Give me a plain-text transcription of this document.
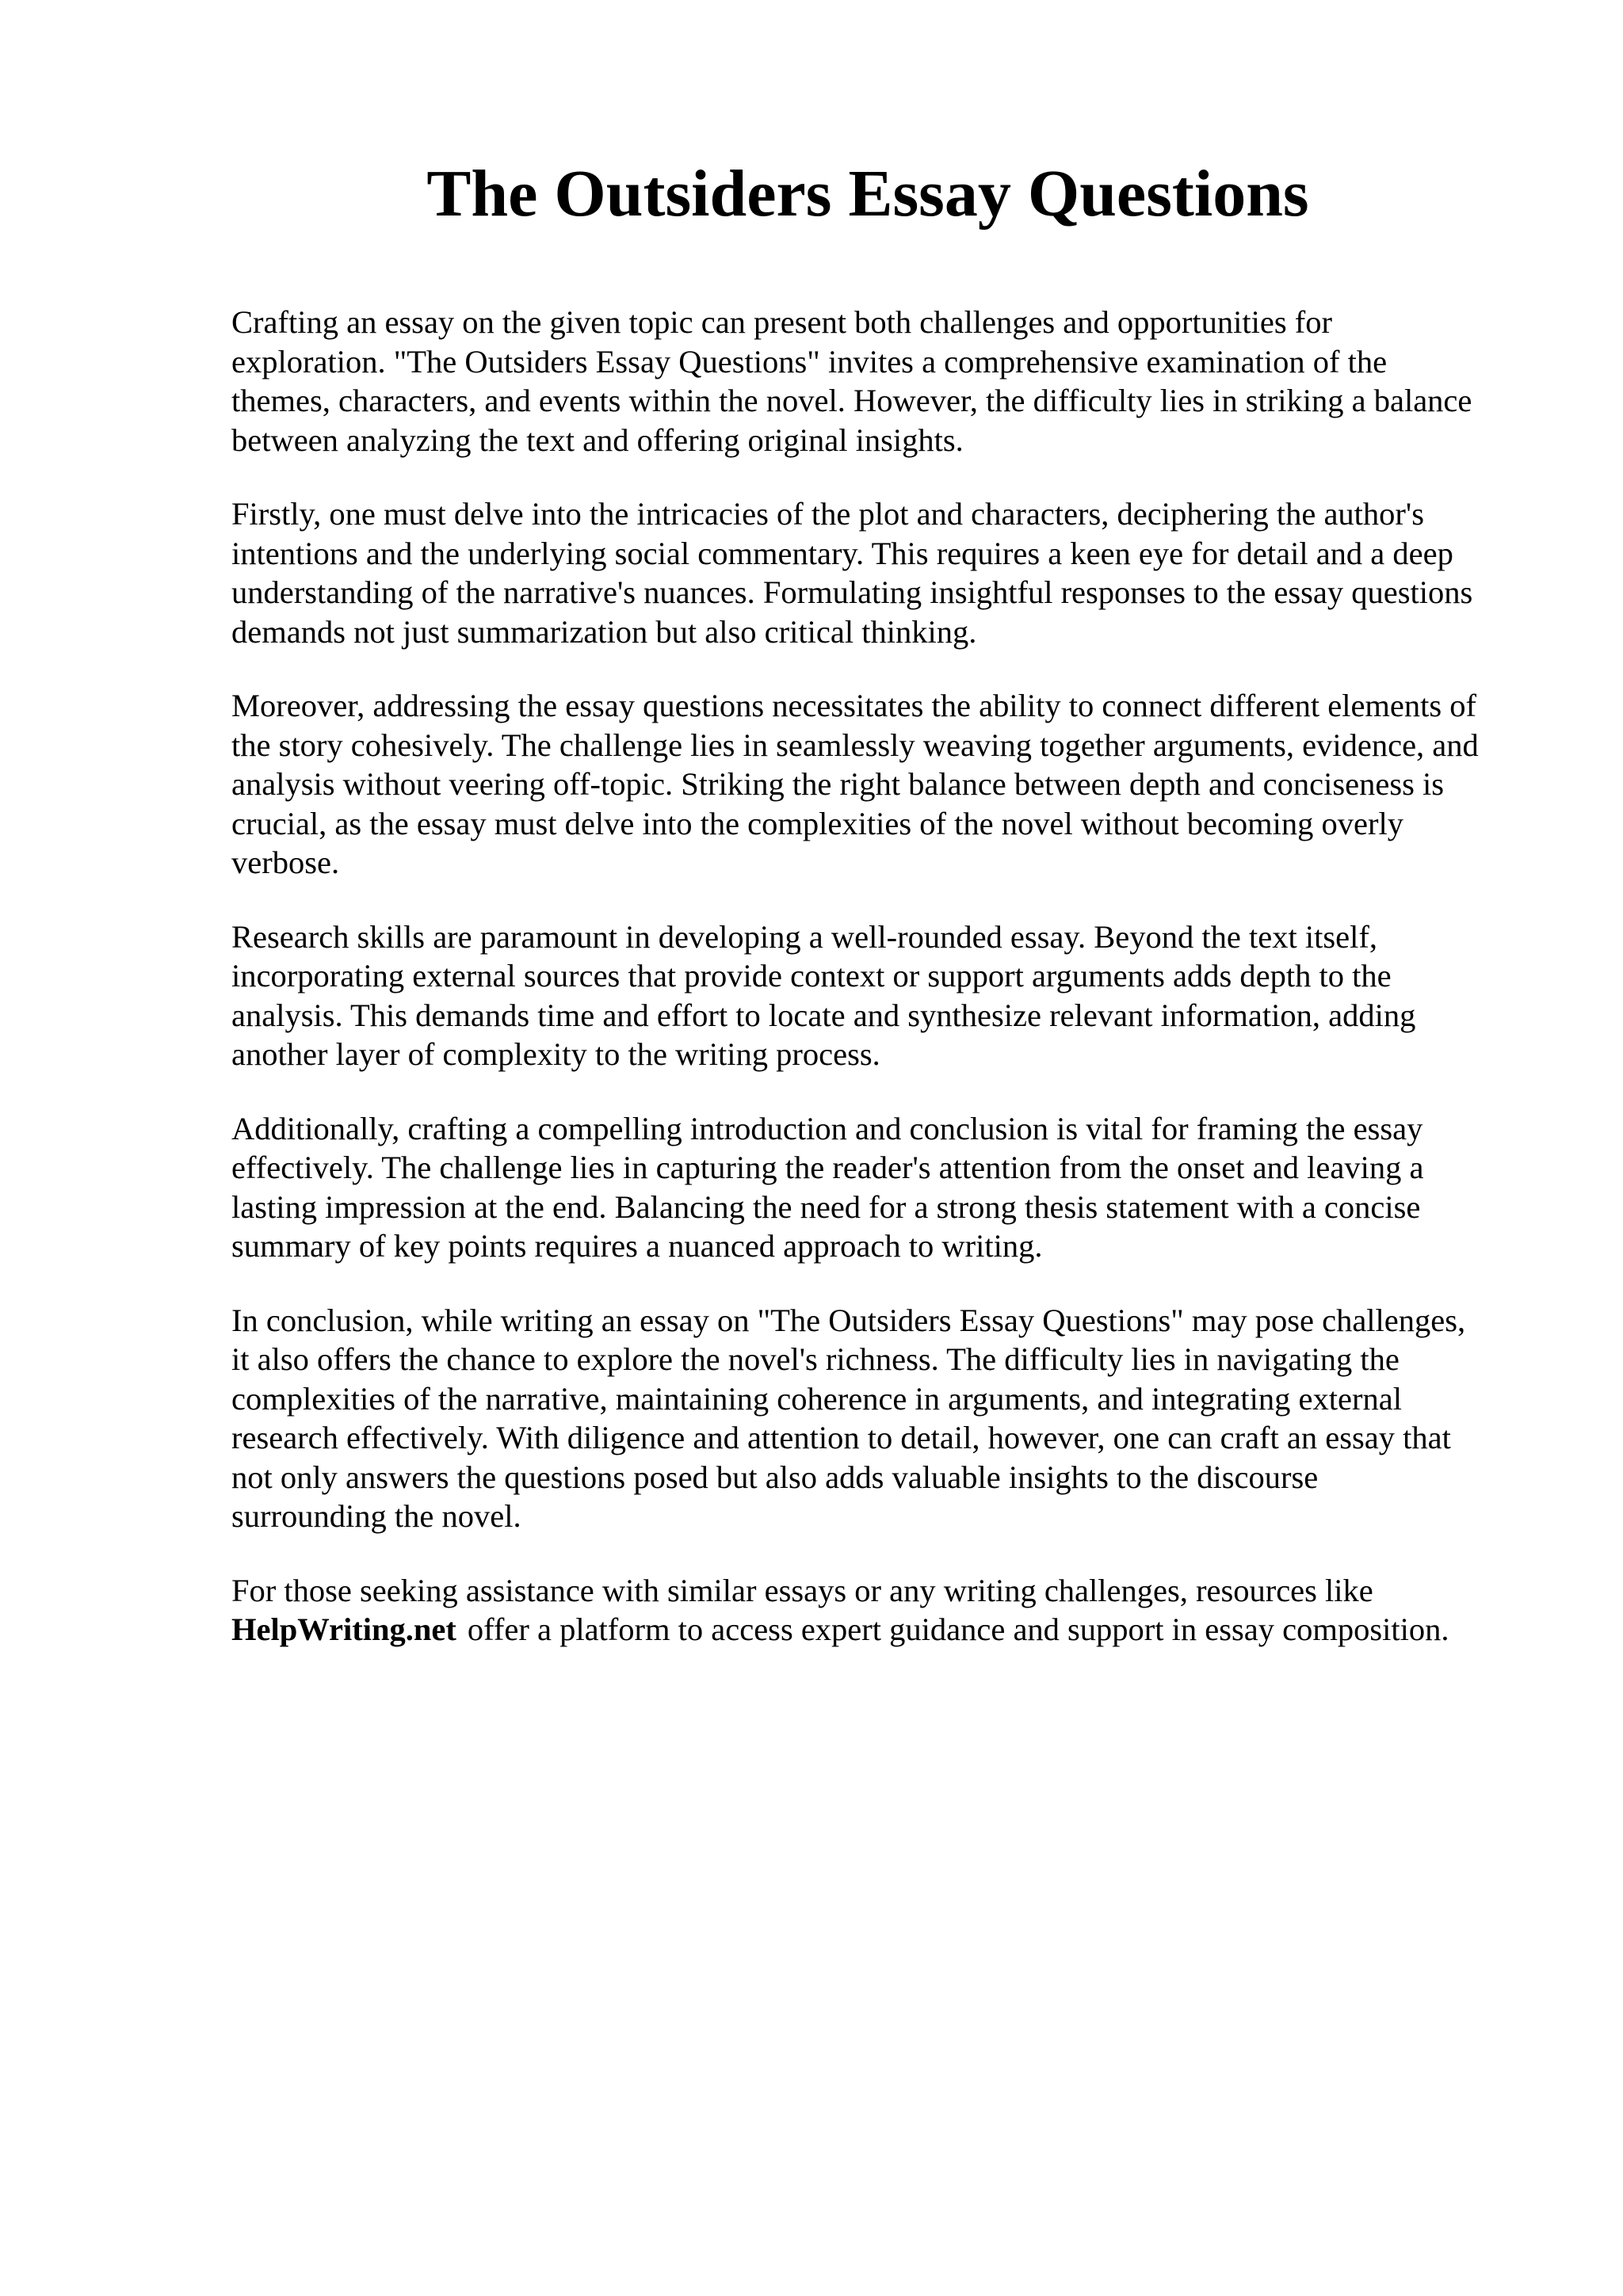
The Outsiders Essay Questions

Crafting an essay on the given topic can present both challenges and opportunities for
exploration. "The Outsiders Essay Questions" invites a comprehensive examination of the
themes, characters, and events within the novel. However, the difficulty lies in striking a balance
between analyzing the text and offering original insights.

Firstly, one must delve into the intricacies of the plot and characters, deciphering the author's
intentions and the underlying social commentary. This requires a keen eye for detail and a deep
understanding of the narrative's nuances. Formulating insightful responses to the essay questions
demands not just summarization but also critical thinking.

Moreover, addressing the essay questions necessitates the ability to connect different elements of
the story cohesively. The challenge lies in seamlessly weaving together arguments, evidence, and
analysis without veering off-topic. Striking the right balance between depth and conciseness is
crucial, as the essay must delve into the complexities of the novel without becoming overly
verbose.

Research skills are paramount in developing a well-rounded essay. Beyond the text itself,
incorporating external sources that provide context or support arguments adds depth to the
analysis. This demands time and effort to locate and synthesize relevant information, adding
another layer of complexity to the writing process.

Additionally, crafting a compelling introduction and conclusion is vital for framing the essay
effectively. The challenge lies in capturing the reader's attention from the onset and leaving a
lasting impression at the end. Balancing the need for a strong thesis statement with a concise
summary of key points requires a nuanced approach to writing.

In conclusion, while writing an essay on "The Outsiders Essay Questions" may pose challenges,
it also offers the chance to explore the novel's richness. The difficulty lies in navigating the
complexities of the narrative, maintaining coherence in arguments, and integrating external
research effectively. With diligence and attention to detail, however, one can craft an essay that
not only answers the questions posed but also adds valuable insights to the discourse
surrounding the novel.

For those seeking assistance with similar essays or any writing challenges, resources like
HelpWriting.net offer a platform to access expert guidance and support in essay composition.
